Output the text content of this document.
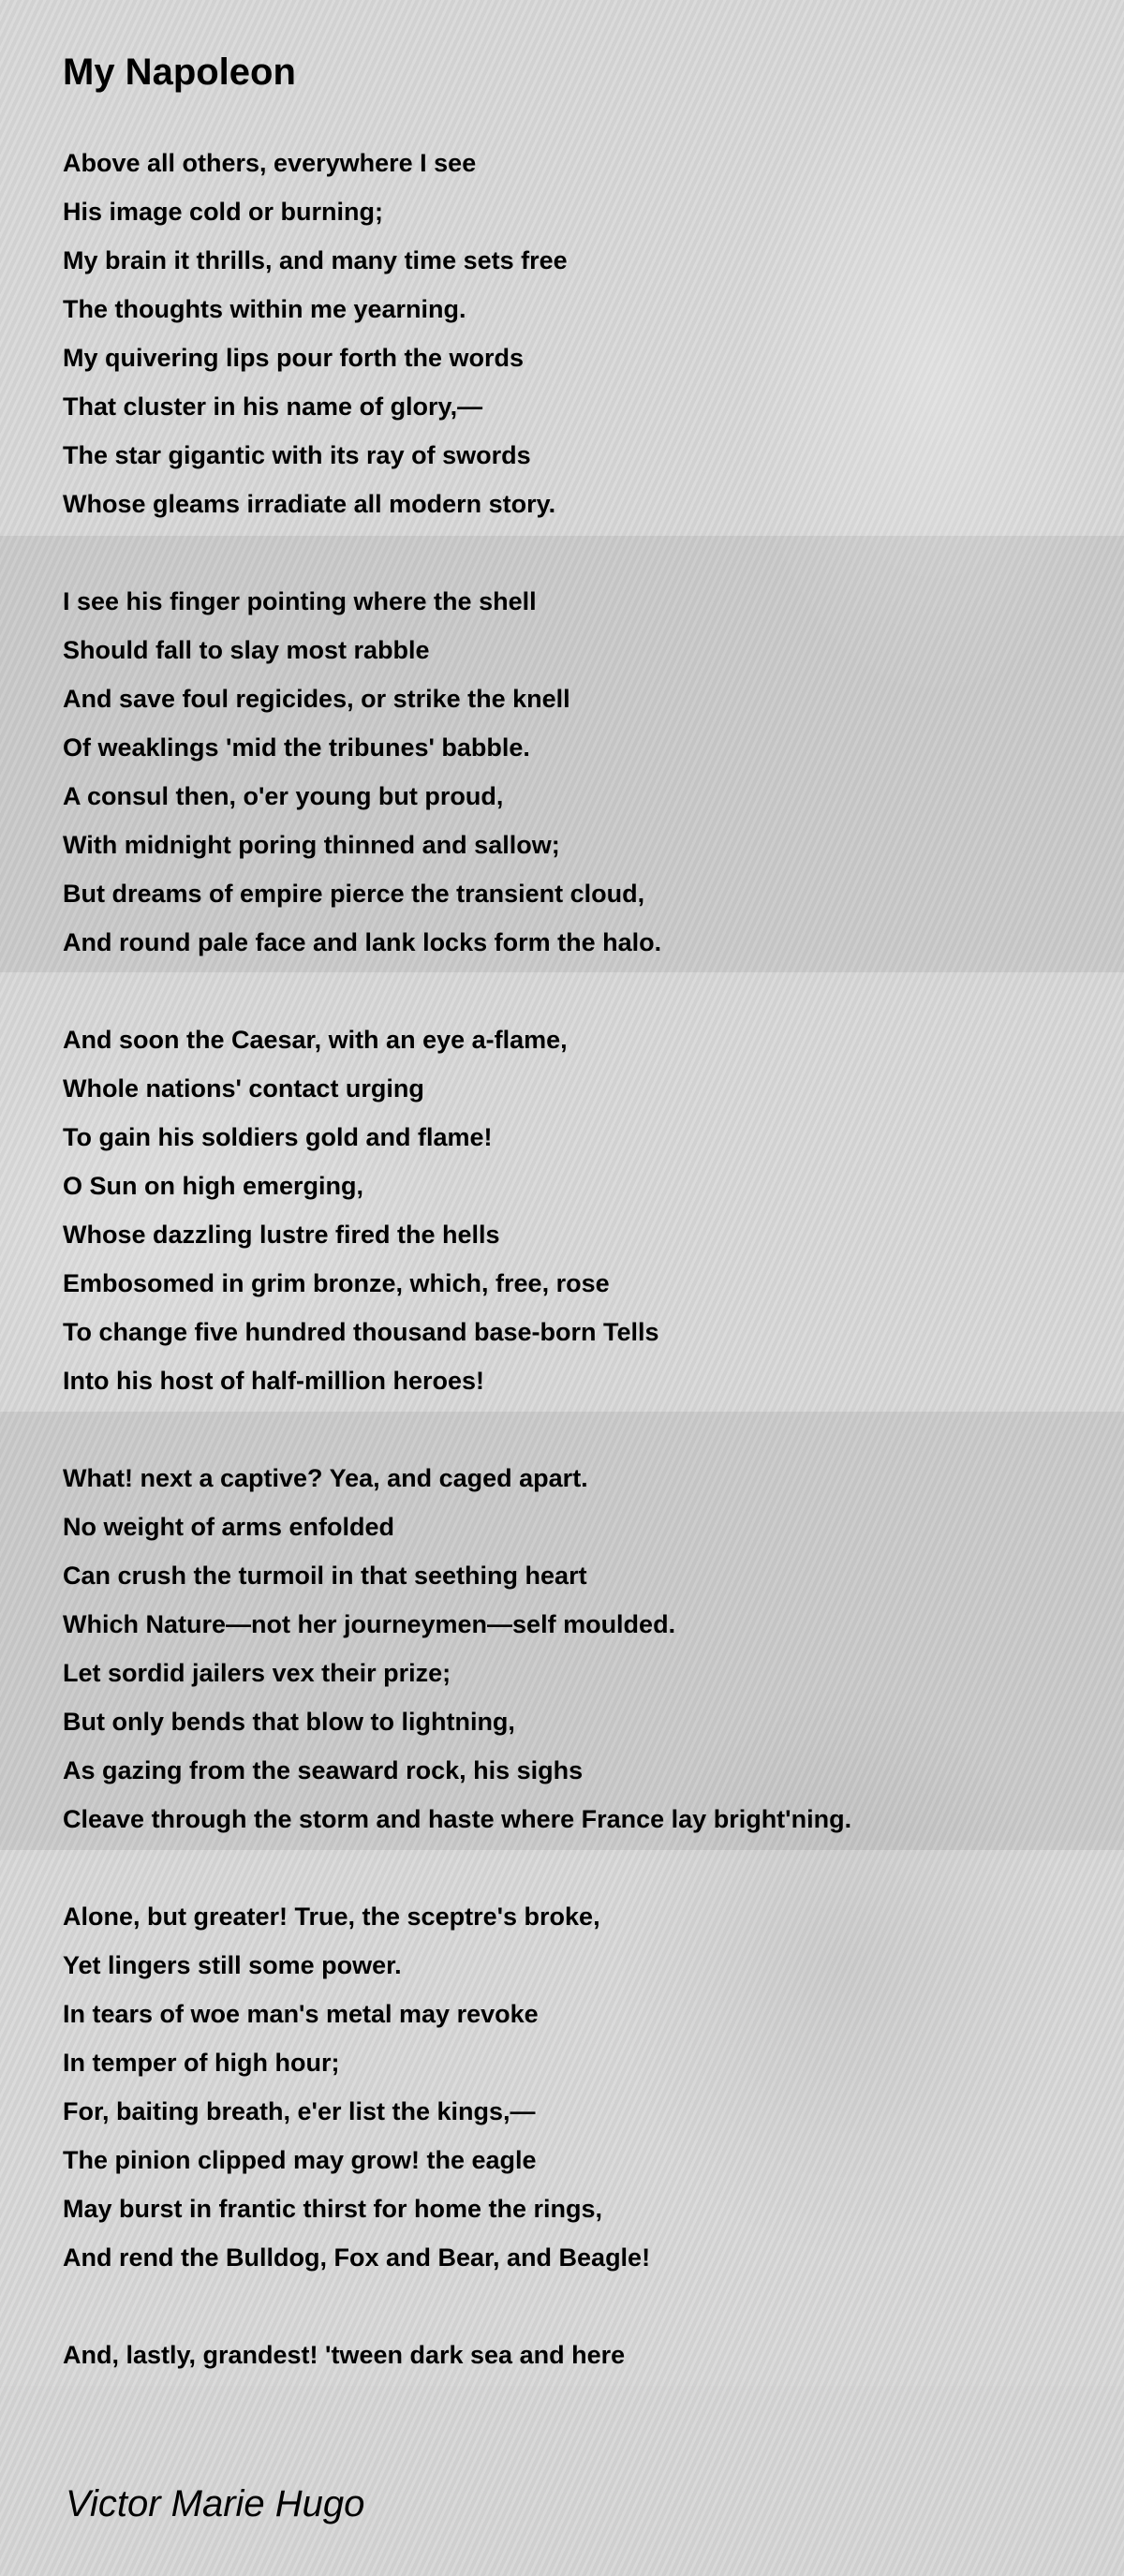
My Napoleon
Above all others, everywhere I see
His image cold or burning;
My brain it thrills, and many time sets free
The thoughts within me yearning.
My quivering lips pour forth the words
That cluster in his name of glory,—
The star gigantic with its ray of swords
Whose gleams irradiate all modern story.
I see his finger pointing where the shell
Should fall to slay most rabble
And save foul regicides, or strike the knell
Of weaklings 'mid the tribunes' babble.
A consul then, o'er young but proud,
With midnight poring thinned and sallow;
But dreams of empire pierce the transient cloud,
And round pale face and lank locks form the halo.
And soon the Caesar, with an eye a-flame,
Whole nations' contact urging
To gain his soldiers gold and flame!
O Sun on high emerging,
Whose dazzling lustre fired the hells
Embosomed in grim bronze, which, free, rose
To change five hundred thousand base-born Tells
Into his host of half-million heroes!
What! next a captive? Yea, and caged apart.
No weight of arms enfolded
Can crush the turmoil in that seething heart
Which Nature—not her journeymen—self moulded.
Let sordid jailers vex their prize;
But only bends that blow to lightning,
As gazing from the seaward rock, his sighs
Cleave through the storm and haste where France lay bright'ning.
Alone, but greater! True, the sceptre's broke,
Yet lingers still some power.
In tears of woe man's metal may revoke
In temper of high hour;
For, baiting breath, e'er list the kings,—
The pinion clipped may grow! the eagle
May burst in frantic thirst for home the rings,
And rend the Bulldog, Fox and Bear, and Beagle!
And, lastly, grandest! 'tween dark sea and here
Victor Marie Hugo
